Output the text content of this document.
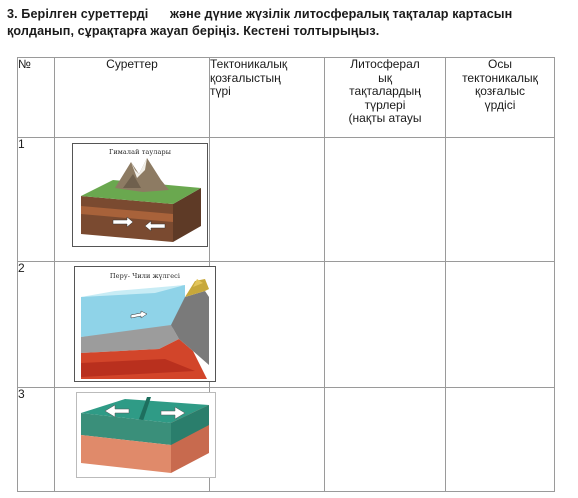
3. Берілген суреттерді      және дүние жүзілік литосфералық тақталар картасын
қолданып, сұрақтарға жауап беріңіз. Кестені толтырыңыз.
№	Суреттер	Тектоникалық
қозғалыстың
түрі	Литосферал
ық
тақталардың
түрлері
(нақты атауы	Осы
тектоникалық
қозғалыс
үрдісі
1	Гималай таулары			

2	Перу- Чили жүлгесі			

3	
